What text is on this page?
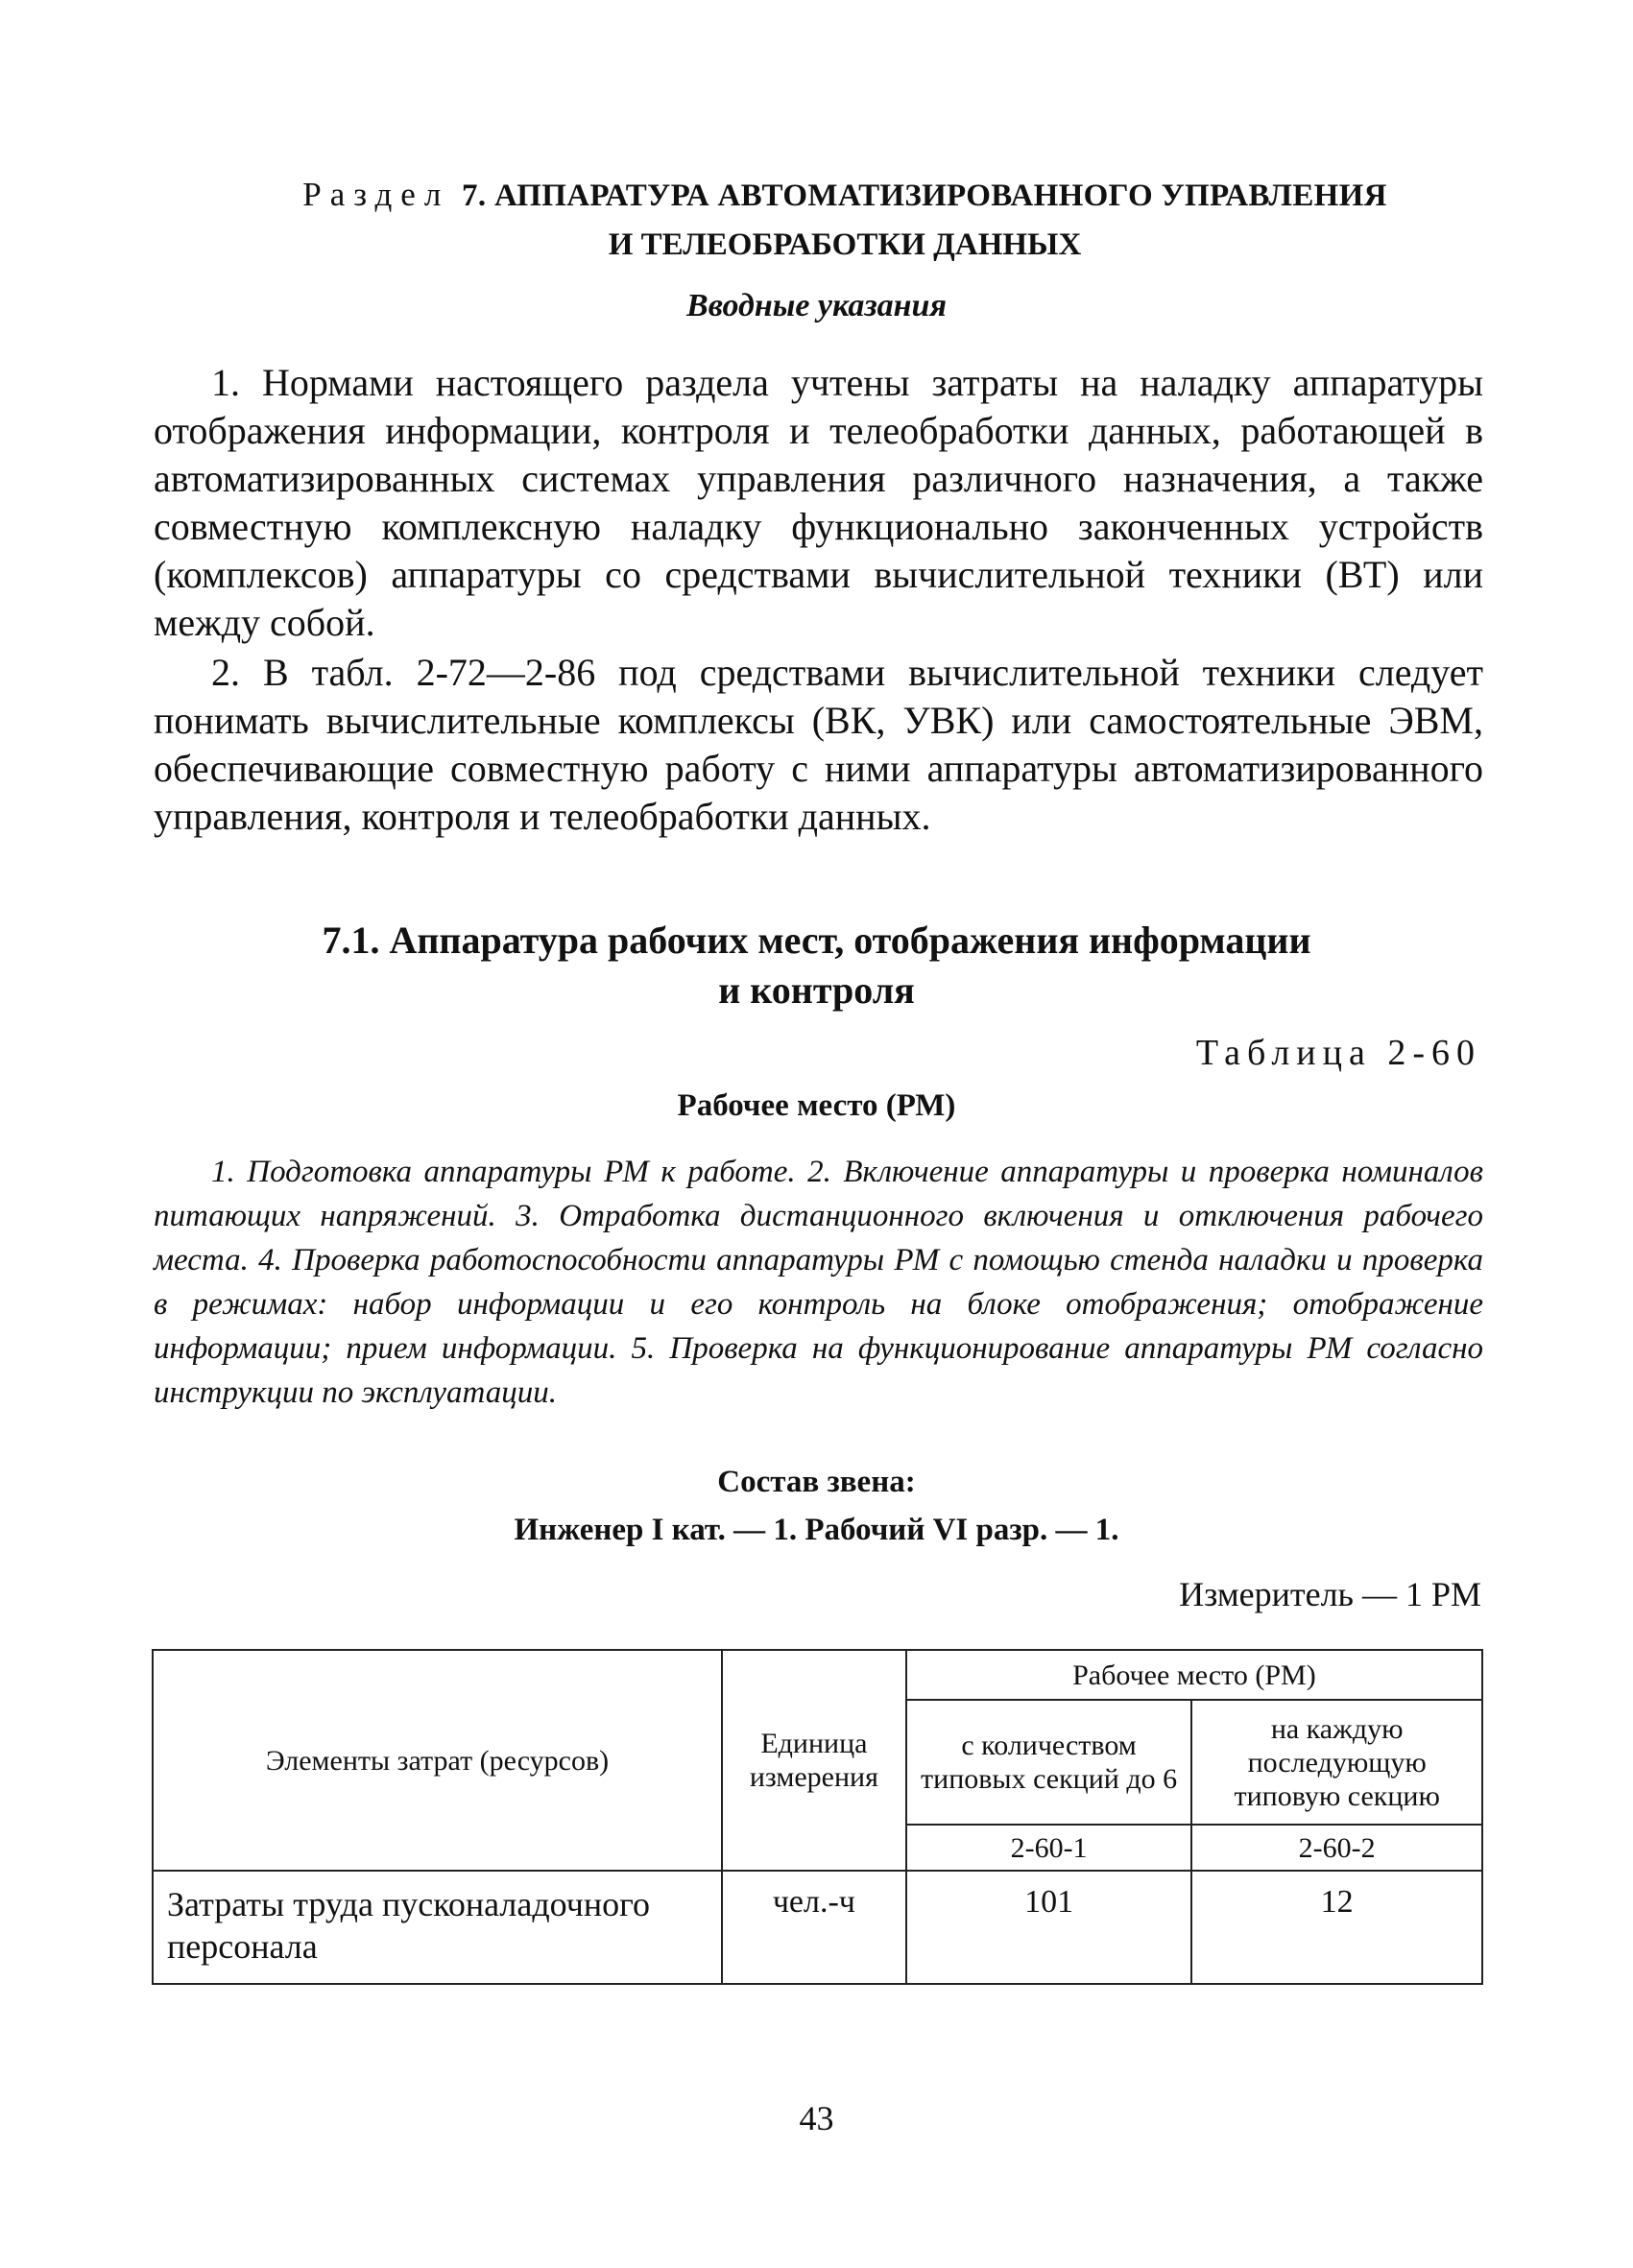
Раздел 7. АППАРАТУРА АВТОМАТИЗИРОВАННОГО УПРАВЛЕНИЯ
И ТЕЛЕОБРАБОТКИ ДАННЫХ
Вводные указания

1. Нормами настоящего раздела учтены затраты на наладку аппаратуры отображения информации, контроля и телеобработки данных, работающей в автоматизированных системах управления различного назначения, а также совместную комплексную наладку функционально законченных устройств (комплексов) аппаратуры со средствами вычислительной техники (ВТ) или между собой.

2. В табл. 2-72—2-86 под средствами вычислительной техники следует понимать вычислительные комплексы (ВК, УВК) или самостоятельные ЭВМ, обеспечивающие совместную работу с ними аппаратуры автоматизированного управления, контроля и телеобработки данных.

7.1. Аппаратура рабочих мест, отображения информации
и контроля
Таблица 2-60
Рабочее место (РМ)

1. Подготовка аппаратуры РМ к работе. 2. Включение аппаратуры и проверка номиналов питающих напряжений. 3. Отработка дистанционного включения и отключения рабочего места. 4. Проверка работоспособности аппаратуры РМ с помощью стенда наладки и проверка в режимах: набор информации и его контроль на блоке отображения; отображение информации; прием информации. 5. Проверка на функционирование аппаратуры РМ согласно инструкции по эксплуатации.

Состав звена:
Инженер I кат. — 1. Рабочий VI разр. — 1.
Измеритель — 1 РМ
Элементы затрат (ресурсов)	Единица измерения	Рабочее место (РМ)	
		с количеством типовых секций до 6	на каждую последующую типовую секцию
		2-60-1	2-60-2
Затраты труда пусконаладочного персонала	чел.-ч	101	12
43
